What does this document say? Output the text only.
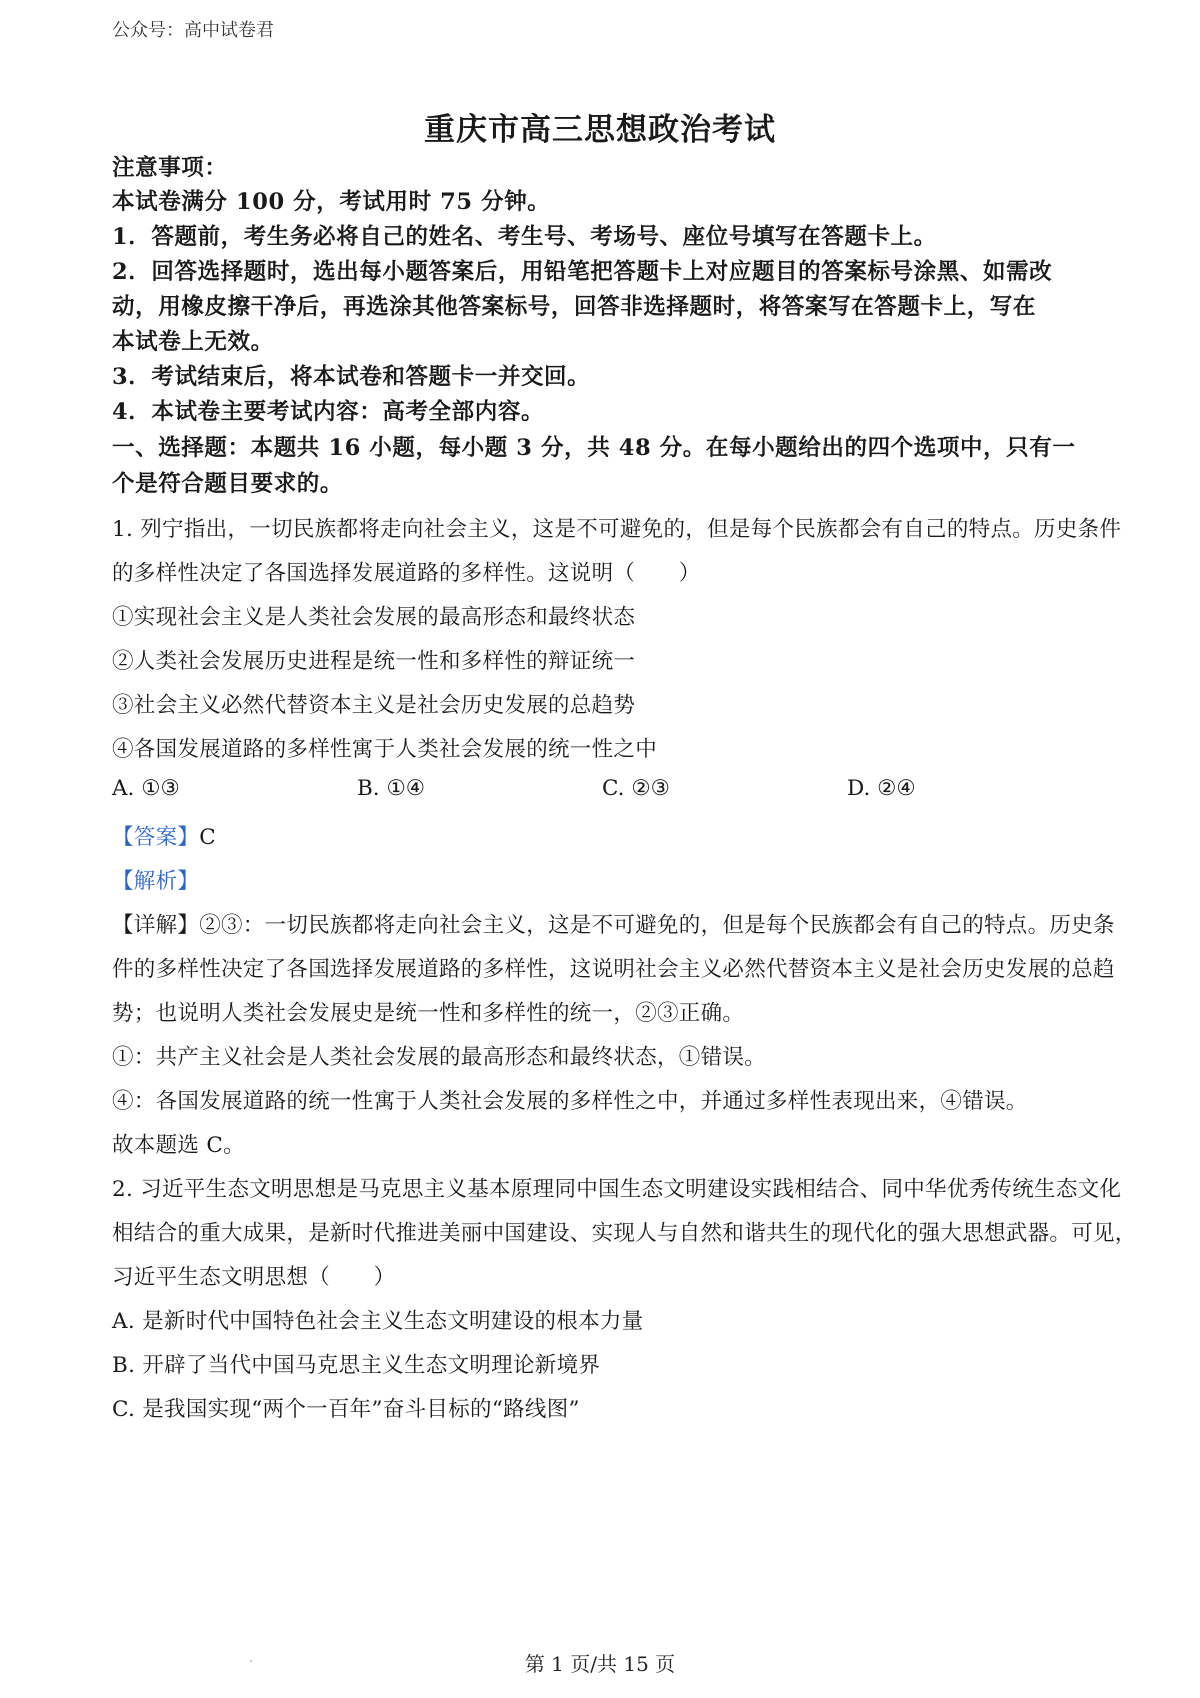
公众号：高中试卷君
重庆市高三思想政治考试
注意事项：
本试卷满分 100 分，考试用时 75 分钟。
1．答题前，考生务必将自己的姓名、考生号、考场号、座位号填写在答题卡上。
2．回答选择题时，选出每小题答案后，用铅笔把答题卡上对应题目的答案标号涂黑、如需改
动，用橡皮擦干净后，再选涂其他答案标号，回答非选择题时，将答案写在答题卡上，写在
本试卷上无效。
3．考试结束后，将本试卷和答题卡一并交回。
4．本试卷主要考试内容：高考全部内容。
一、选择题：本题共 16 小题，每小题 3 分，共 48 分。在每小题给出的四个选项中，只有一
个是符合题目要求的。
1. 列宁指出，一切民族都将走向社会主义，这是不可避免的，但是每个民族都会有自己的特点。历史条件
的多样性决定了各国选择发展道路的多样性。这说明（　　）
①实现社会主义是人类社会发展的最高形态和最终状态
②人类社会发展历史进程是统一性和多样性的辩证统一
③社会主义必然代替资本主义是社会历史发展的总趋势
④各国发展道路的多样性寓于人类社会发展的统一性之中
A. ①③	B. ①④	C. ②③	D. ②④
【答案】C
【解析】
【详解】②③：一切民族都将走向社会主义，这是不可避免的，但是每个民族都会有自己的特点。历史条
件的多样性决定了各国选择发展道路的多样性，这说明社会主义必然代替资本主义是社会历史发展的总趋
势；也说明人类社会发展史是统一性和多样性的统一，②③正确。
①：共产主义社会是人类社会发展的最高形态和最终状态，①错误。
④：各国发展道路的统一性寓于人类社会发展的多样性之中，并通过多样性表现出来，④错误。
故本题选 C。
2. 习近平生态文明思想是马克思主义基本原理同中国生态文明建设实践相结合、同中华优秀传统生态文化
相结合的重大成果，是新时代推进美丽中国建设、实现人与自然和谐共生的现代化的强大思想武器。可见，
习近平生态文明思想（　　）
A. 是新时代中国特色社会主义生态文明建设的根本力量
B. 开辟了当代中国马克思主义生态文明理论新境界
C. 是我国实现“两个一百年”奋斗目标的“路线图”
第 1 页/共 15 页
